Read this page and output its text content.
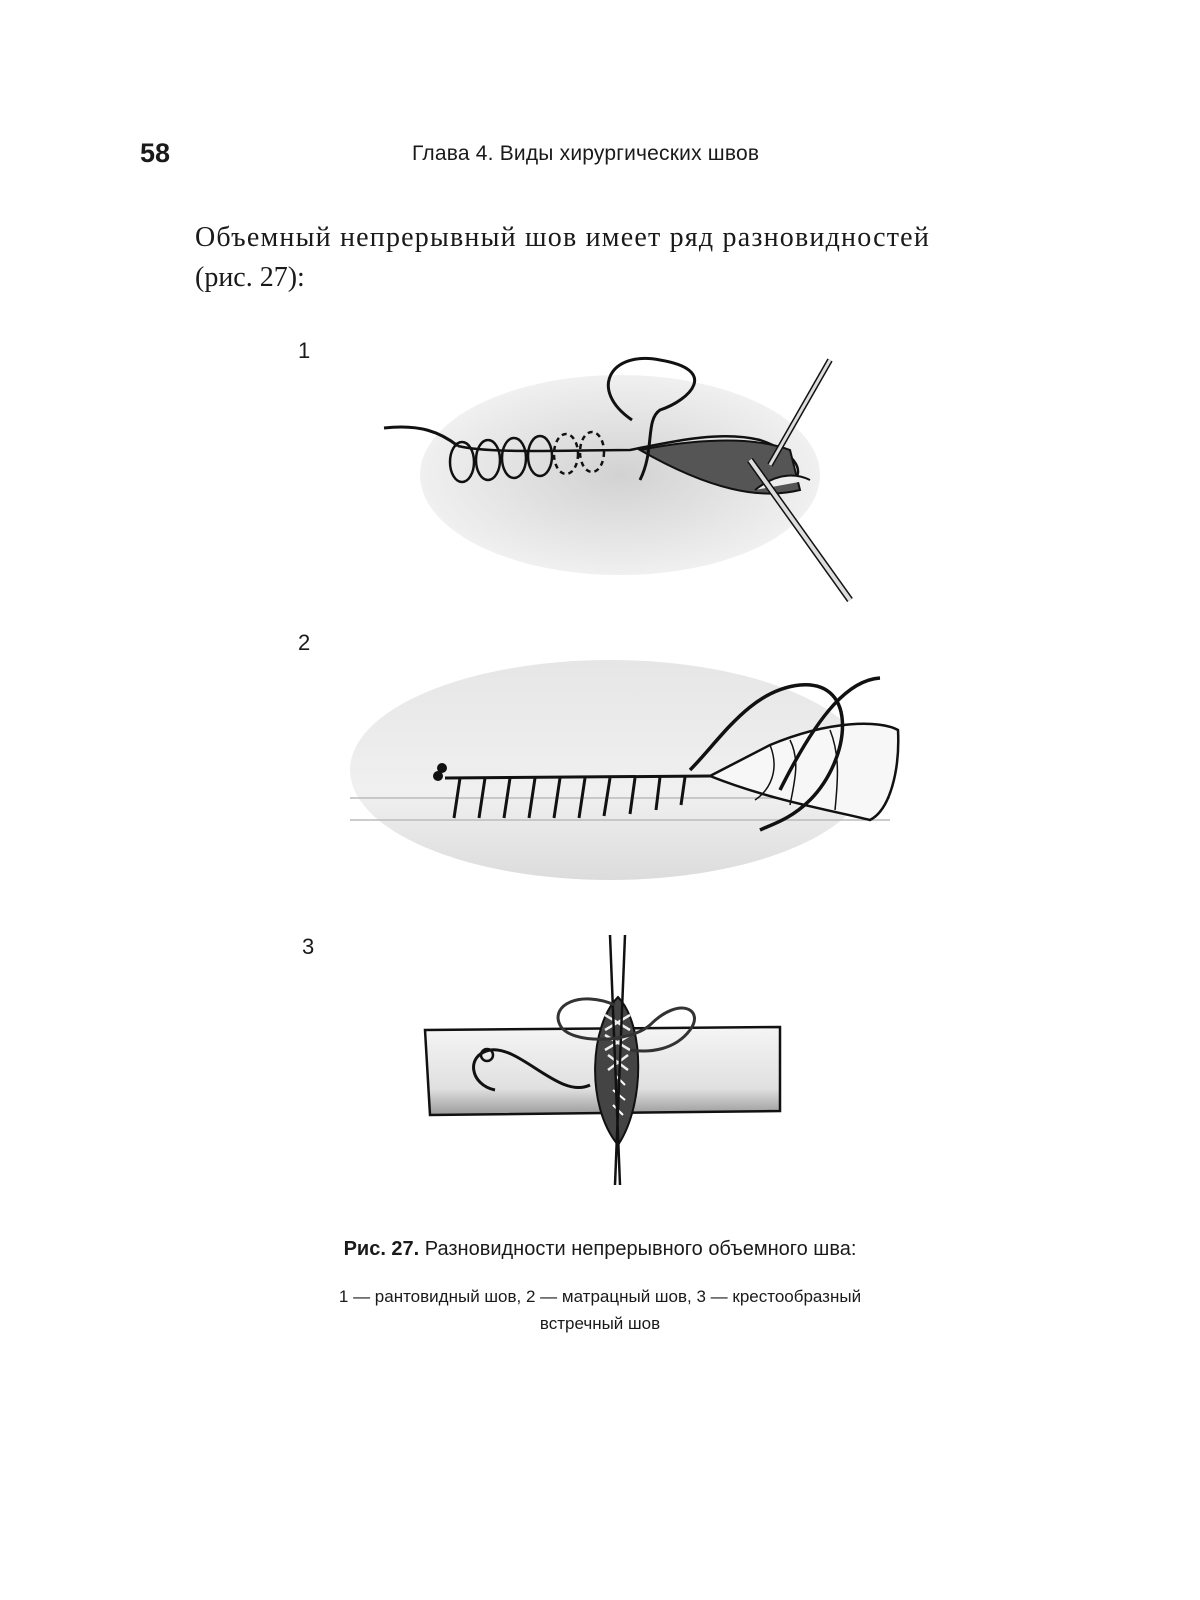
58	Глава 4. Виды хирургических швов
Объемный непрерывный шов имеет ряд разновидностей
(рис. 27):
1
2
3
Рис. 27. Разновидности непрерывного объемного шва:
1 — рантовидный шов, 2 — матрацный шов, 3 — крестообразный
встречный шов
